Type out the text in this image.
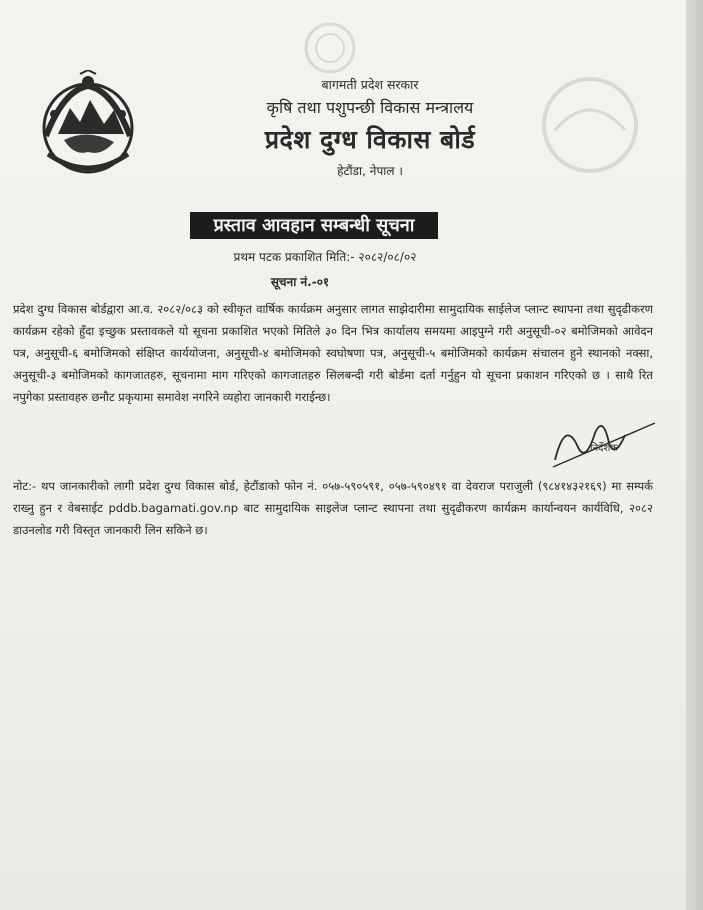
बागमती प्रदेश सरकार
कृषि तथा पशुपन्छी विकास मन्त्रालय
प्रदेश दुग्ध विकास बोर्ड
हेटौंडा, नेपाल ।
प्रस्ताव आवहान सम्बन्धी सूचना
प्रथम पटक प्रकाशित मिति:- २०८२/०८/०२
सूचना नं.-०१
प्रदेश दुग्ध विकास बोर्डद्वारा आ.व. २०८२/०८३ को स्वीकृत वार्षिक कार्यक्रम अनुसार लागत साझेदारीमा सामुदायिक साईलेज प्लान्ट स्थापना तथा सुदृढीकरण कार्यक्रम रहेको हुँदा इच्छुक प्रस्तावकले यो सूचना प्रकाशित भएको मितिले ३० दिन भित्र कार्यालय समयमा आइपुग्ने गरी अनुसूची-०२ बमोजिमको आवेदन पत्र, अनुसूची-६ बमोजिमको संक्षिप्त कार्ययोजना, अनुसूची-४ बमोजिमको स्वघोषणा पत्र, अनुसूची-५ बमोजिमको कार्यक्रम संचालन हुने स्थानको नक्सा, अनुसूची-३ बमोजिमको कागजातहरु, सूचनामा माग गरिएको कागजातहरु सिलबन्दी गरी बोर्डमा दर्ता गर्नुहुन यो सूचना प्रकाशन गरिएको छ । साथै रित नपुगेका प्रस्तावहरु छनौट प्रकृयामा समावेश नगरिने व्यहोरा जानकारी गराईन्छ।
निर्देशक
नोट:- थप जानकारीको लागी प्रदेश दुग्ध विकास बोर्ड, हेटौंडाको फोन नं. ०५७-५९०५९१, ०५७-५९०४९१ वा देवराज पराजुली (९८४१४३२१६९) मा सम्पर्क राख्नु हुन र वेबसाईट pddb.bagamati.gov.np बाट सामुदायिक साइलेज प्लान्ट स्थापना तथा सुदृढीकरण कार्यक्रम कार्यान्वयन कार्यविधि, २०८२ डाउनलोड गरी विस्तृत जानकारी लिन सकिने छ।
